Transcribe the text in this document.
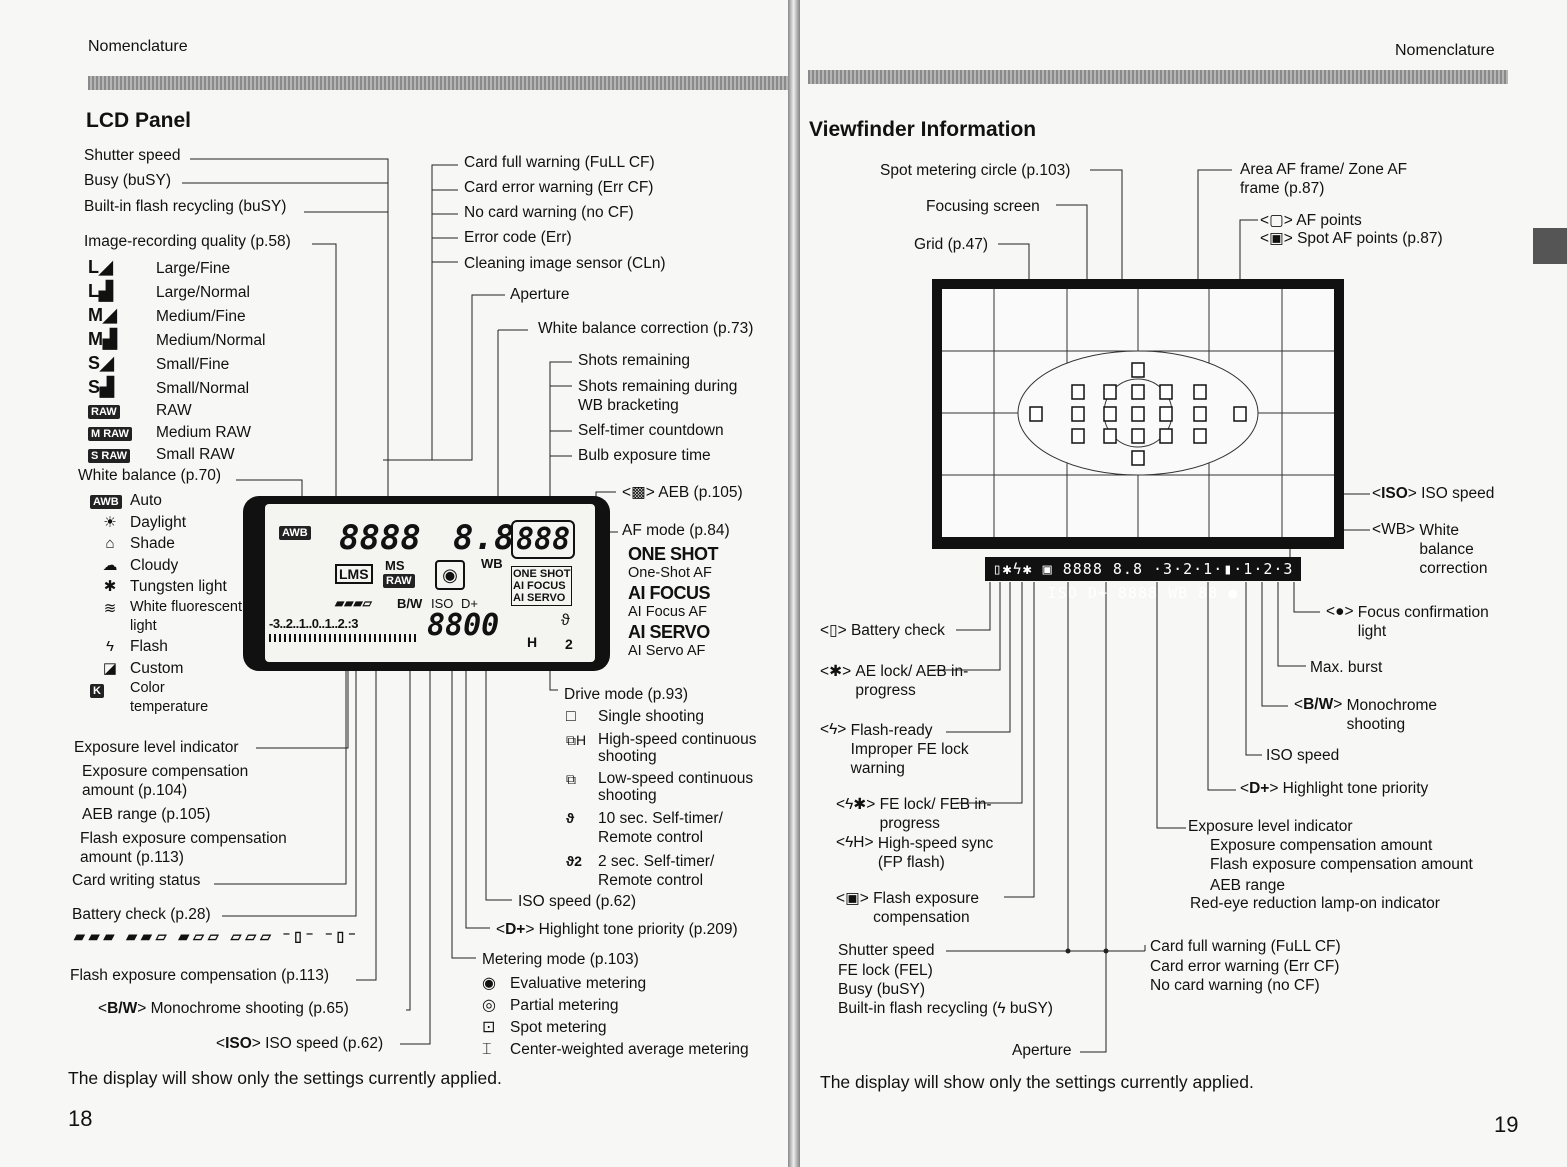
Nomenclature
LCD Panel
Shutter speed
Busy (buSY)
Built-in flash recycling (buSY)
Card full warning (FuLL CF)
Card error warning (Err CF)
No card warning (no CF)
Error code (Err)
Cleaning image sensor (CLn)
Aperture
White balance correction (p.73)
Shots remaining
Shots remaining during WB bracketing
Self-timer countdown
Bulb exposure time
<▩> AEB (p.105)
AF mode (p.84)
ONE SHOT
One-Shot AF
AI FOCUS
AI Focus AF
AI SERVO
AI Servo AF
Image-recording quality (p.58)
L◢	Large/Fine
L▟	Large/Normal
M◢	Medium/Fine
M▟	Medium/Normal
S◢	Small/Fine
S▟	Small/Normal
RAW	RAW
M RAW Medium RAW
S RAW Small RAW
White balance (p.70)
AWB Auto
☀ Daylight
⌂ Shade
☁ Cloudy
✱ Tungsten light
≋ White fluorescent light
ϟ Flash
◪ Custom
K	Color temperature
AWB 8888 8.8 888
LMS
MS
RAW	◉
WB
ONE SHOT
AI FOCUS
AI SERVO
▰▰▰▱ B/W ISO D+
-3..2..1..0..1..2.:3 8800 H 2
ϑ
Drive mode (p.93)
□	Single shooting
⧉H High-speed continuous shooting
⧉	Low-speed continuous shooting
ϑ	10 sec. Self-timer/ Remote control
ϑ2	2 sec. Self-timer/ Remote control
Exposure level indicator
Exposure compensation amount (p.104)
AEB range (p.105)
Flash exposure compensation amount (p.113)
Card writing status
Battery check (p.28)
▰▰▰ ▰▰▱ ▰▱▱ ▱▱▱ ⁻▯⁻ ⁻▯⁻
Flash exposure compensation (p.113)
<B/W> Monochrome shooting (p.65)
<ISO> ISO speed (p.62)
ISO speed (p.62)
<D+> Highlight tone priority (p.209)
Metering mode (p.103)
◉ Evaluative metering
◎ Partial metering
⊡ Spot metering
⌶ Center-weighted average metering
The display will show only the settings currently applied.
18
Nomenclature
Viewfinder Information
Spot metering circle (p.103)
Focusing screen
Grid (p.47)
Area AF frame/ Zone AF frame (p.87)
<▢> AF points
<▣> Spot AF points (p.87)
▯✱ϟ✱ ▣ 8888 8.8 ·3·2·1·▮·1·2·3 ISO D+ 8888 WB 88 ●
<ISO> ISO speed
<WB> White balance correction
<●> Focus confirmation light
Max. burst
<B/W> Monochrome shooting
ISO speed
<D+> Highlight tone priority
<▯> Battery check
<✱> AE lock/ AEB in-progress
<ϟ> Flash-ready Improper FE lock warning
<ϟ✱> FE lock/ FEB in-progress
<ϟH> High-speed sync (FP flash)
<▣> Flash exposure compensation
Exposure level indicator
Exposure compensation amount
Flash exposure compensation amount
AEB range
Red-eye reduction lamp-on indicator
Shutter speed
FE lock (FEL)
Busy (buSY)
Built-in flash recycling (ϟ buSY)
Card full warning (FuLL CF)
Card error warning (Err CF)
No card warning (no CF)
Aperture
The display will show only the settings currently applied.
19
